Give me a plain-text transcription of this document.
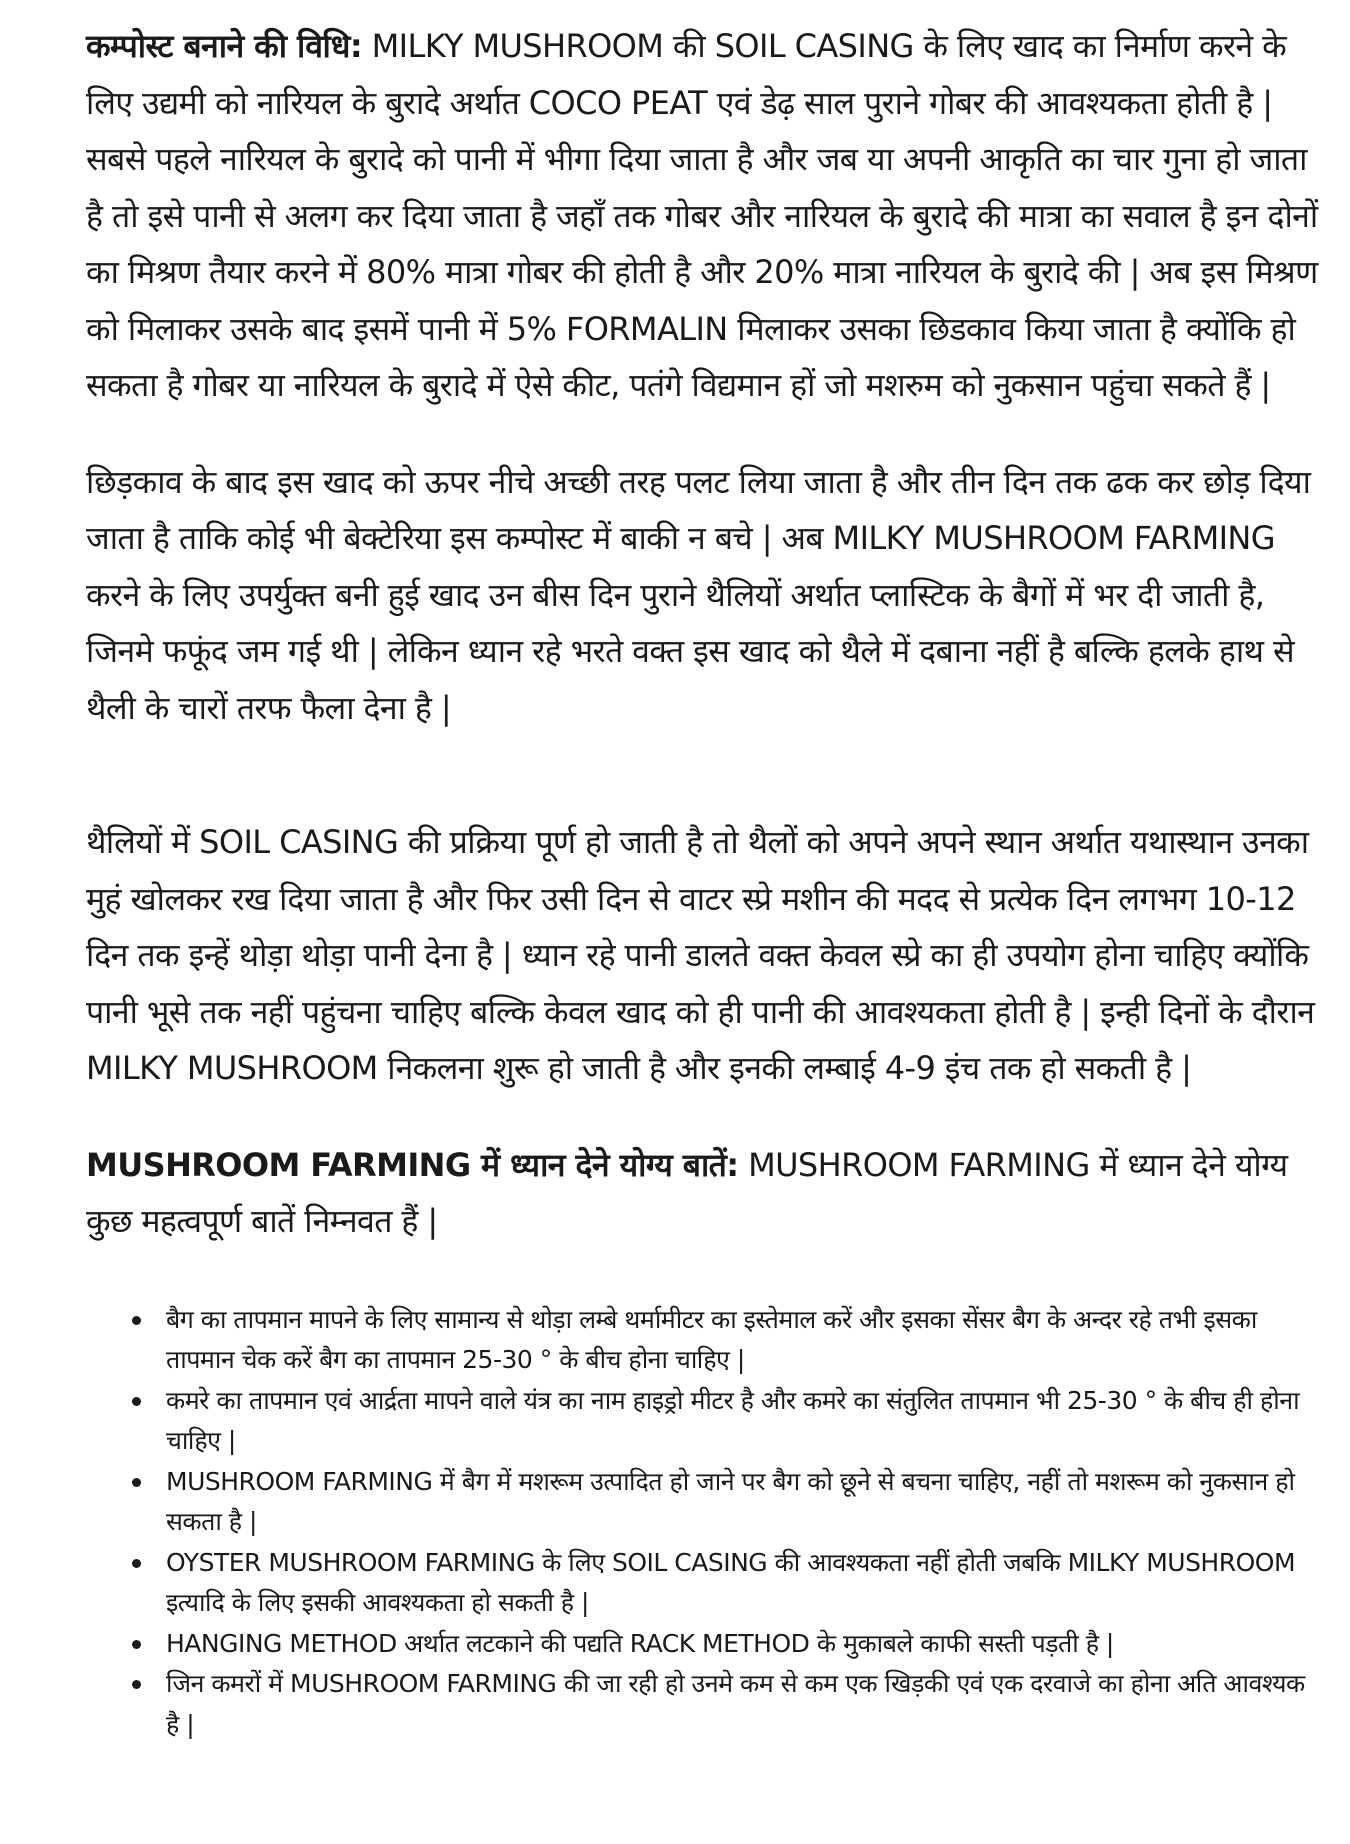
कम्पोस्ट बनाने की विधि: MILKY MUSHROOM की SOIL CASING के लिए खाद का निर्माण करने के लिए उद्यमी को नारियल के बुरादे अर्थात COCO PEAT एवं डेढ़ साल पुराने गोबर की आवश्यकता होती है | सबसे पहले नारियल के बुरादे को पानी में भीगा दिया जाता है और जब या अपनी आकृति का चार गुना हो जाता है तो इसे पानी से अलग कर दिया जाता है जहाँ तक गोबर और नारियल के बुरादे की मात्रा का सवाल है इन दोनों का मिश्रण तैयार करने में 80% मात्रा गोबर की होती है और 20% मात्रा नारियल के बुरादे की | अब इस मिश्रण को मिलाकर उसके बाद इसमें पानी में 5% FORMALIN मिलाकर उसका छिडकाव किया जाता है क्योंकि हो सकता है गोबर या नारियल के बुरादे में ऐसे कीट, पतंगे विद्यमान हों जो मशरुम को नुकसान पहुंचा सकते हैं |

छिड़काव के बाद इस खाद को ऊपर नीचे अच्छी तरह पलट लिया जाता है और तीन दिन तक ढक कर छोड़ दिया जाता है ताकि कोई भी बेक्टेरिया इस कम्पोस्ट में बाकी न बचे | अब MILKY MUSHROOM FARMING करने के लिए उपर्युक्त बनी हुई खाद उन बीस दिन पुराने थैलियों अर्थात प्लास्टिक के बैगों में भर दी जाती है, जिनमे फफूंद जम गई थी | लेकिन ध्यान रहे भरते वक्त इस खाद को थैले में दबाना नहीं है बल्कि हलके हाथ से थैली के चारों तरफ फैला देना है |

थैलियों में SOIL CASING की प्रक्रिया पूर्ण हो जाती है तो थैलों को अपने अपने स्थान अर्थात यथास्थान उनका मुहं खोलकर रख दिया जाता है और फिर उसी दिन से वाटर स्प्रे मशीन की मदद से प्रत्येक दिन लगभग 10-12 दिन तक इन्हें थोड़ा थोड़ा पानी देना है | ध्यान रहे पानी डालते वक्त केवल स्प्रे का ही उपयोग होना चाहिए क्योंकि पानी भूसे तक नहीं पहुंचना चाहिए बल्कि केवल खाद को ही पानी की आवश्यकता होती है | इन्ही दिनों के दौरान MILKY MUSHROOM निकलना शुरू हो जाती है और इनकी लम्बाई 4-9 इंच तक हो सकती है |

MUSHROOM FARMING में ध्यान देने योग्य बातें: MUSHROOM FARMING में ध्यान देने योग्य कुछ महत्वपूर्ण बातें निम्नवत हैं |

बैग का तापमान मापने के लिए सामान्य से थोड़ा लम्बे थर्मामीटर का इस्तेमाल करें और इसका सेंसर बैग के अन्दर रहे तभी इसका तापमान चेक करें बैग का तापमान 25-30 ° के बीच होना चाहिए |
कमरे का तापमान एवं आर्द्रता मापने वाले यंत्र का नाम हाइड्रो मीटर है और कमरे का संतुलित तापमान भी 25-30 ° के बीच ही होना चाहिए |
MUSHROOM FARMING में बैग में मशरूम उत्पादित हो जाने पर बैग को छूने से बचना चाहिए, नहीं तो मशरूम को नुकसान हो सकता है |
OYSTER MUSHROOM FARMING के लिए SOIL CASING की आवश्यकता नहीं होती जबकि MILKY MUSHROOM इत्यादि के लिए इसकी आवश्यकता हो सकती है |
HANGING METHOD अर्थात लटकाने की पद्यति RACK METHOD के मुकाबले काफी सस्ती पड़ती है |
जिन कमरों में MUSHROOM FARMING की जा रही हो उनमे कम से कम एक खिड़की एवं एक दरवाजे का होना अति आवश्यक है |
